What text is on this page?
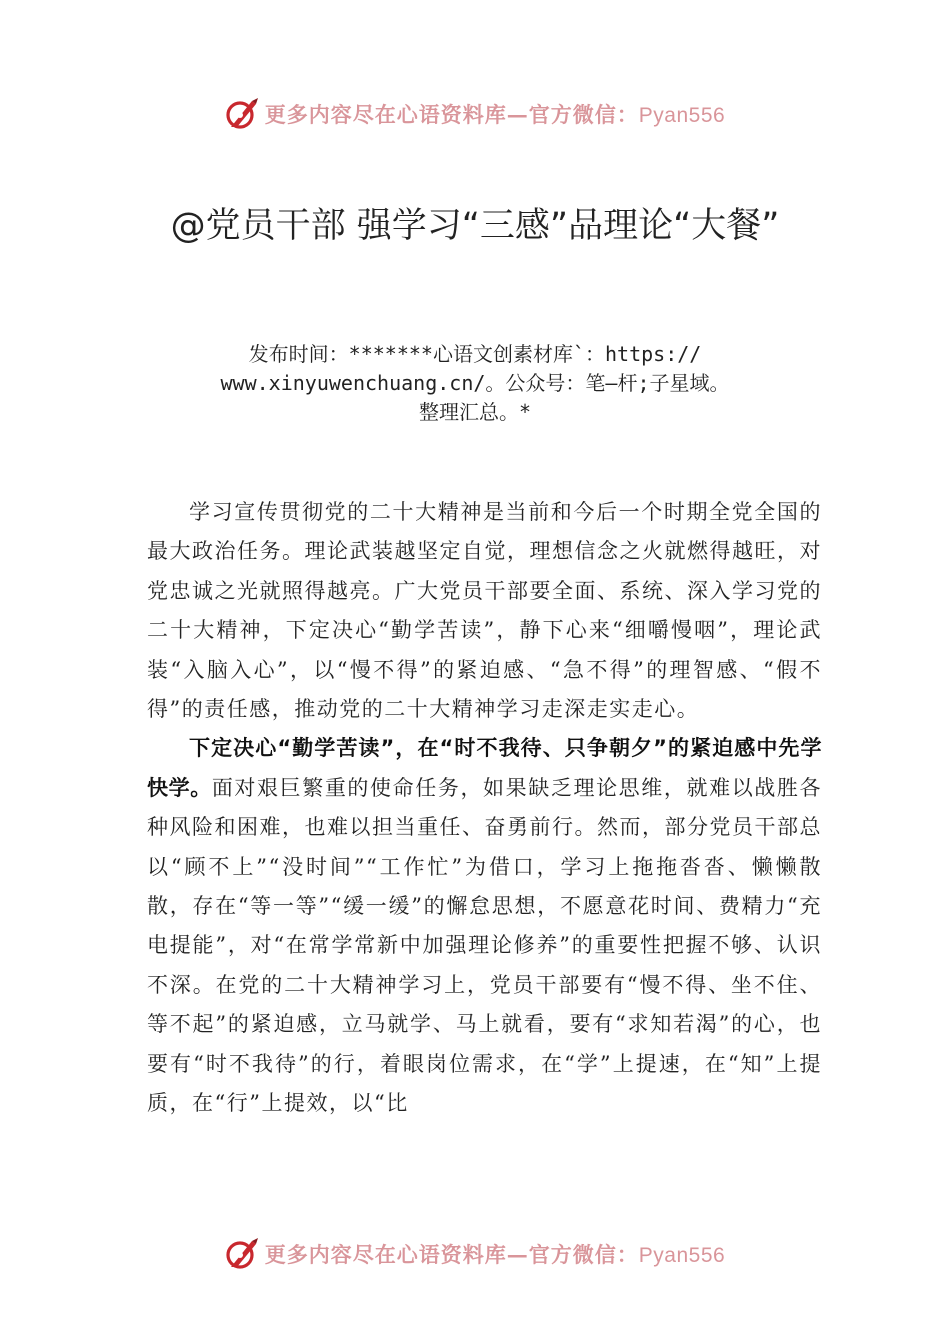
更多内容尽在心语资料库—官方微信：Pyan556
@党员干部 强学习“三感”品理论“大餐”
发布时间：*******心语文创素材库`：https://
www.xinyuwenchuang.cn/。公众号：笔—杆;子星域。
整理汇总。*

学习宣传贯彻党的二十大精神是当前和今后一个时期全党全国的最大政治任务。理论武装越坚定自觉，理想信念之火就燃得越旺，对党忠诚之光就照得越亮。广大党员干部要全面、系统、深入学习党的二十大精神，下定决心“勤学苦读”，静下心来“细嚼慢咽”，理论武装“入脑入心”，以“慢不得”的紧迫感、“急不得”的理智感、“假不得”的责任感，推动党的二十大精神学习走深走实走心。

下定决心“勤学苦读”，在“时不我待、只争朝夕”的紧迫感中先学快学。面对艰巨繁重的使命任务，如果缺乏理论思维，就难以战胜各种风险和困难，也难以担当重任、奋勇前行。然而，部分党员干部总以“顾不上”“没时间”“工作忙”为借口，学习上拖拖沓沓、懒懒散散，存在“等一等”“缓一缓”的懈怠思想，不愿意花时间、费精力“充电提能”，对“在常学常新中加强理论修养”的重要性把握不够、认识不深。在党的二十大精神学习上，党员干部要有“慢不得、坐不住、等不起”的紧迫感，立马就学、马上就看，要有“求知若渴”的心，也要有“时不我待”的行，着眼岗位需求，在“学”上提速，在“知”上提质，在“行”上提效，以“比

更多内容尽在心语资料库—官方微信：Pyan556
